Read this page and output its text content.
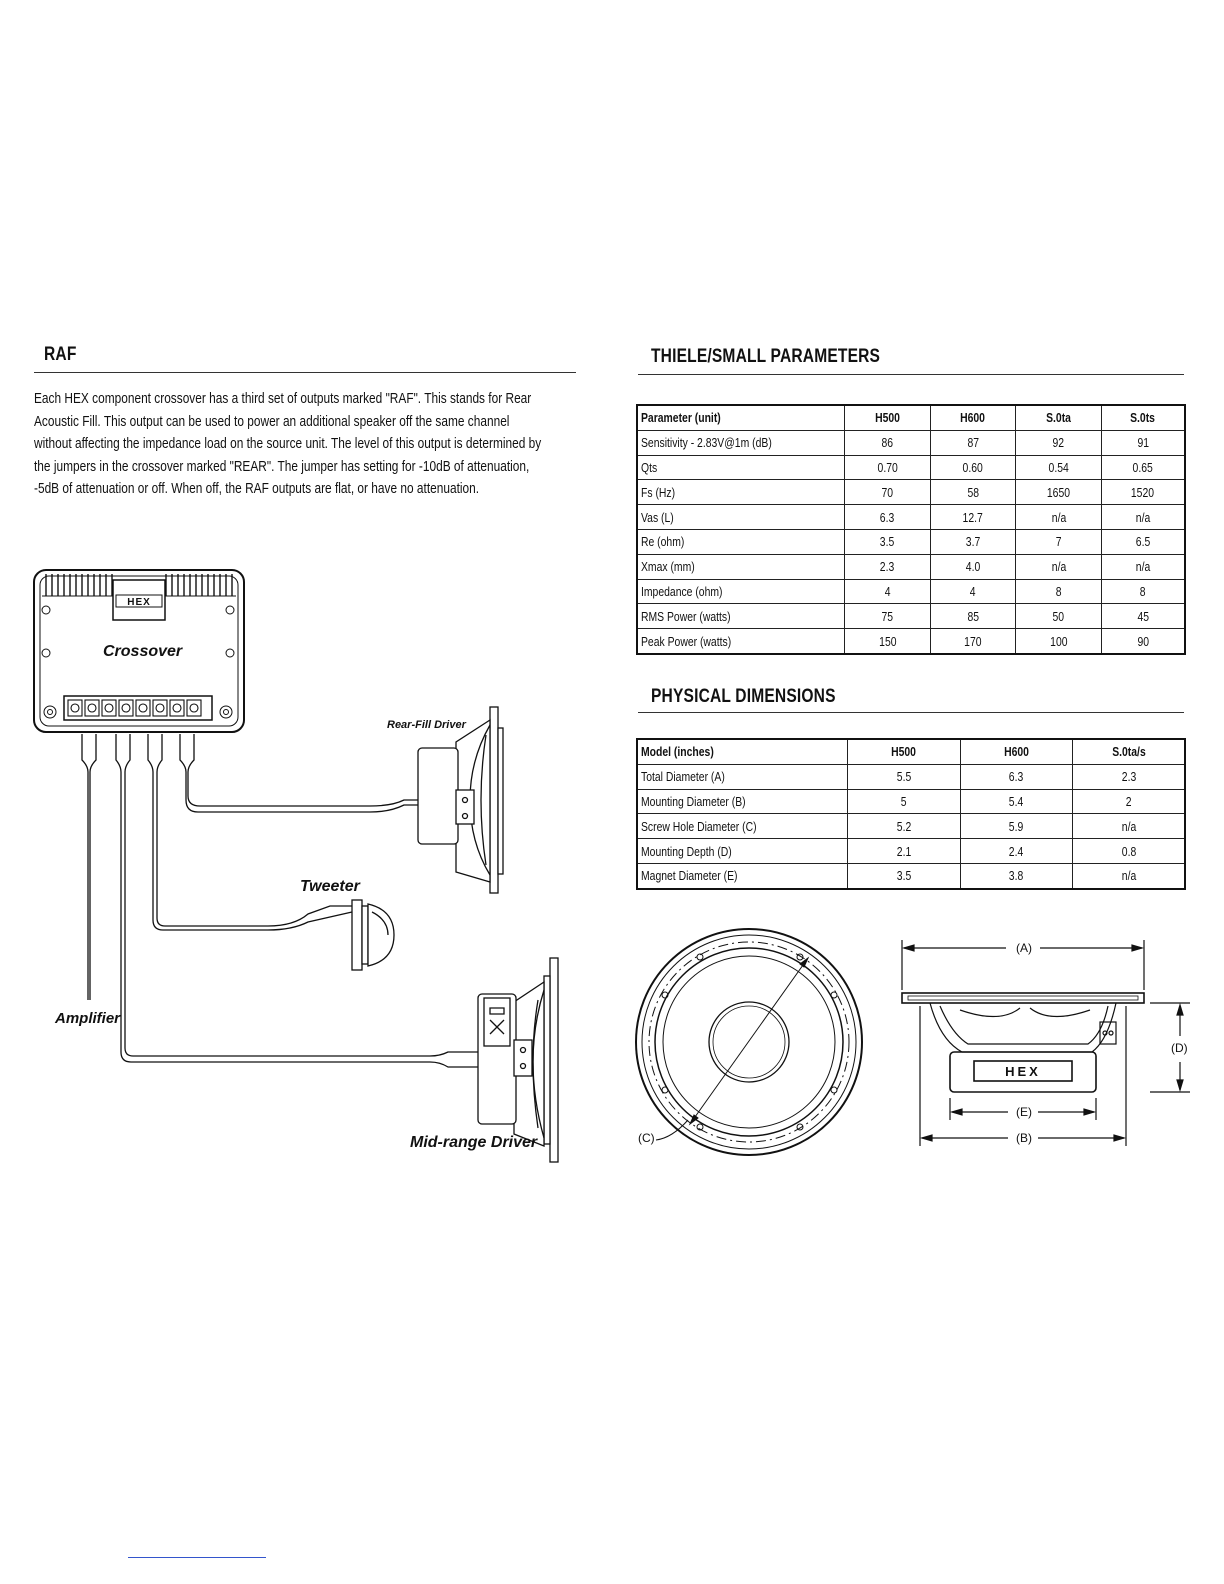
RAF
Each HEX component crossover has a third set of outputs marked "RAF". This stands for Rear
Acoustic Fill. This output can be used to power an additional speaker off the same channel
without affecting the impedance load on the source unit. The level of this output is determined by
the jumpers in the crossover marked "REAR". The jumper has setting for -10dB of attenuation,
-5dB of attenuation or off. When off, the RAF outputs are flat, or have no attenuation.
HEX
Crossover
Rear-Fill Driver
Tweeter
Amplifier
Mid-range Driver
THIELE/SMALL PARAMETERS
Parameter (unit)	H500	H600	S.0ta	S.0ts
Sensitivity - 2.83V@1m (dB)	86	87	92	91
Qts	0.70	0.60	0.54	0.65
Fs (Hz)	70	58	1650	1520
Vas (L)	6.3	12.7	n/a	n/a
Re (ohm)	3.5	3.7	7	6.5
Xmax (mm)	2.3	4.0	n/a	n/a
Impedance (ohm)	4	4	8	8
RMS Power (watts)	75	85	50	45
Peak Power (watts)	150	170	100	90
PHYSICAL DIMENSIONS
Model (inches)	H500	H600	S.0ta/s
Total Diameter (A)	5.5	6.3	2.3
Mounting Diameter (B)	5	5.4	2
Screw Hole Diameter (C)	5.2	5.9	n/a
Mounting Depth (D)	2.1	2.4	0.8
Magnet Diameter (E)	3.5	3.8	n/a
(C)
(A)
(D)
(E)
(B)
HEX
